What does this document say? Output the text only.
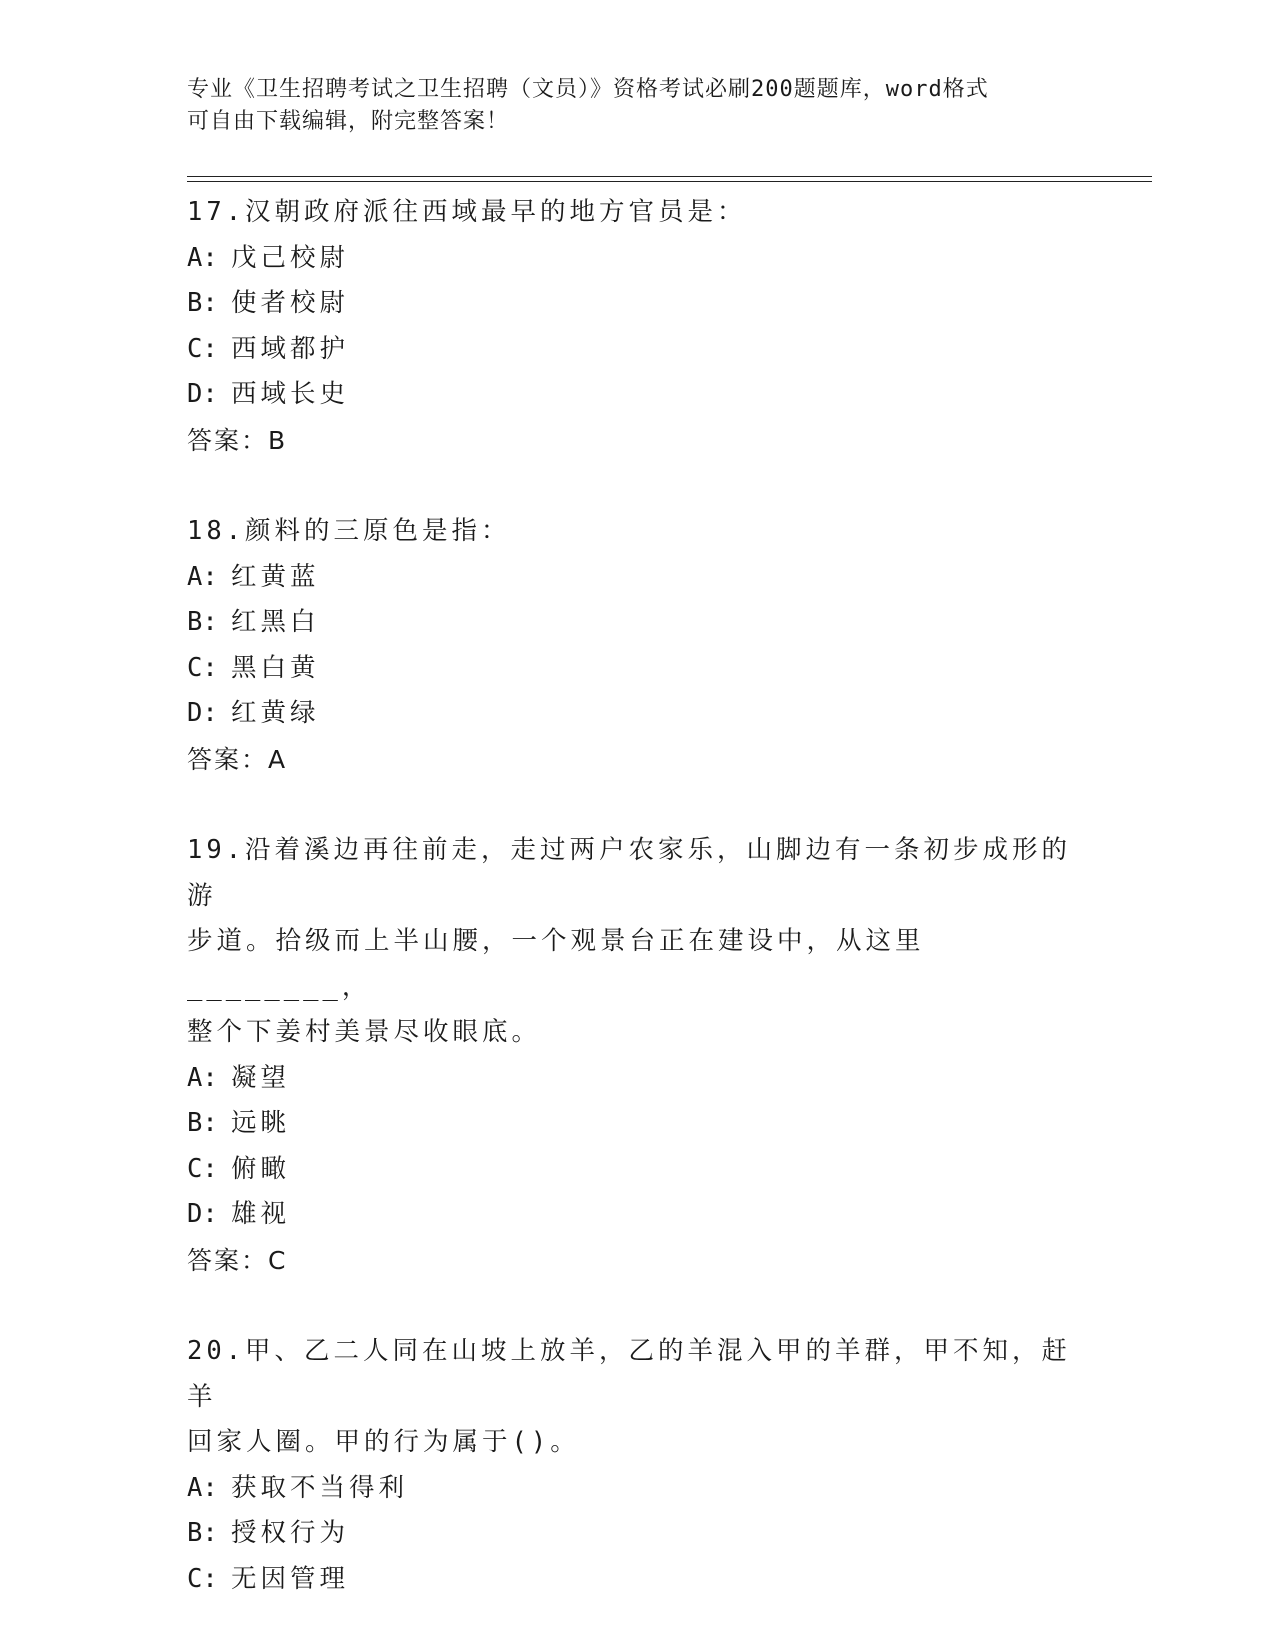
专业《卫生招聘考试之卫生招聘（文员）》资格考试必刷200题题库，word格式
可自由下载编辑，附完整答案！
17.汉朝政府派往西域最早的地方官员是：
A: 戊己校尉
B: 使者校尉
C: 西域都护
D: 西域长史
答案：B
18.颜料的三原色是指：
A: 红黄蓝
B: 红黑白
C: 黑白黄
D: 红黄绿
答案：A
19.沿着溪边再往前走，走过两户农家乐，山脚边有一条初步成形的游
步道。拾级而上半山腰，一个观景台正在建设中，从这里________，
整个下姜村美景尽收眼底。
A: 凝望
B: 远眺
C: 俯瞰
D: 雄视
答案：C
20.甲、乙二人同在山坡上放羊，乙的羊混入甲的羊群，甲不知，赶羊
回家人圈。甲的行为属于()。
A: 获取不当得利
B: 授权行为
C: 无因管理
